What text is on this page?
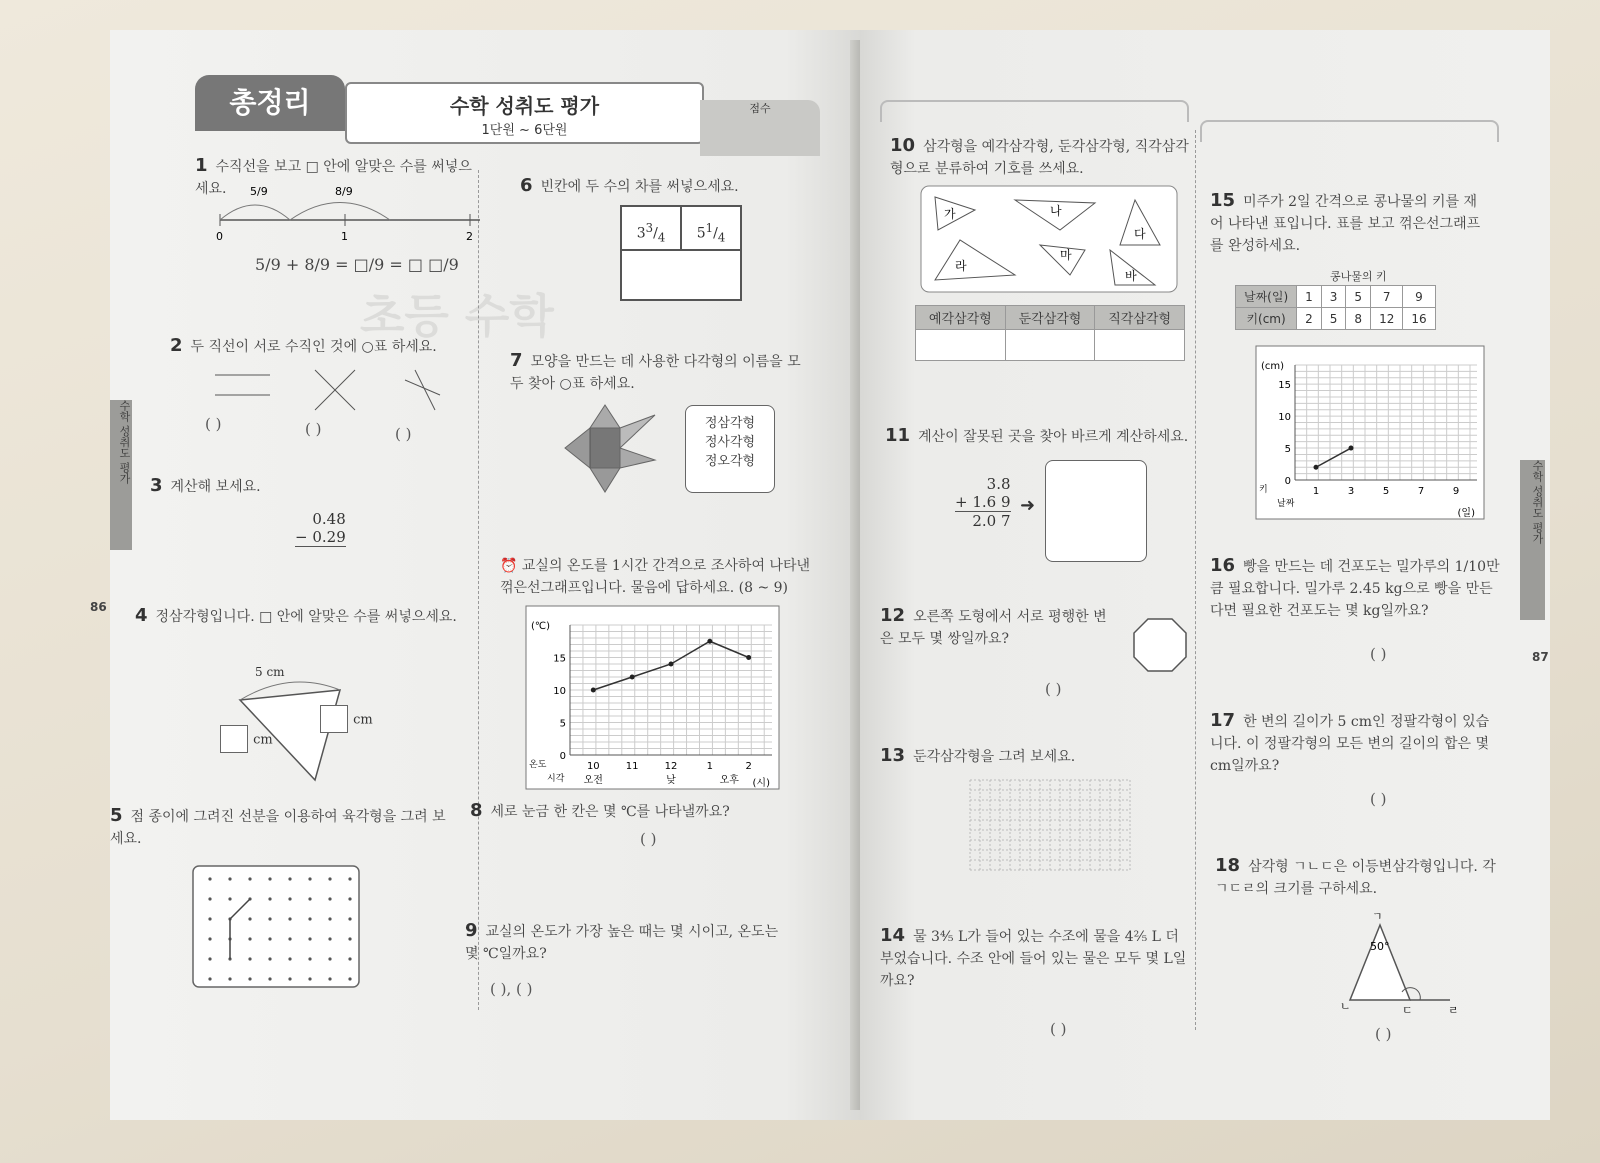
총정리	수학 성취도 평가
1단원 ~ 6단원
점수
초등 수학
수학 성취도 평가
86
1 수직선을 보고 □ 안에 알맞은 수를 써넣으세요.	5/9	8/9
0	1	2
5/9 + 8/9 = □/9 = □ □/9
2 두 직선이 서로 수직인 것에 ○표 하세요.
( )	( )	( )
3 계산해 보세요.
0.48
− 0.29
4 정삼각형입니다. □ 안에 알맞은 수를 써넣으세요.
5 cm
cm
cm
5 점 종이에 그려진 선분을 이용하여 육각형을 그려 보세요.
6 빈칸에 두 수의 차를 써넣으세요.
$3^3/_4$	$5^1/_4$
7 모양을 만드는 데 사용한 다각형의 이름을 모두 찾아 ○표 하세요.
정삼각형
정사각형
정오각형
⏰ 교실의 온도를 1시간 간격으로 조사하여 나타낸 꺾은선그래프입니다. 물음에 답하세요. (8 ~ 9)
0
5
10
15
10	11	12	1	2
(℃)
온도
시각	(시)
오전	낮	오후
8 세로 눈금 한 칸은 몇 ℃를 나타낼까요?
( )
9 교실의 온도가 가장 높은 때는 몇 시이고, 온도는 몇 ℃일까요?
( ), ( )
수학 성취도 평가
87
10 삼각형을 예각삼각형, 둔각삼각형, 직각삼각형으로 분류하여 기호를 쓰세요.
가	나
다
라
마
바
예각삼각형	둔각삼각형	직각삼각형

11 계산이 잘못된 곳을 찾아 바르게 계산하세요.
3.8
+ 1.6 9
2.0 7
➜
12 오른쪽 도형에서 서로 평행한 변은 모두 몇 쌍일까요?
( )
13 둔각삼각형을 그려 보세요.
14 물 3⁴⁄₅ L가 들어 있는 수조에 물을 4²⁄₅ L 더 부었습니다. 수조 안에 들어 있는 물은 모두 몇 L일까요?
( )
15 미주가 2일 간격으로 콩나물의 키를 재어 나타낸 표입니다. 표를 보고 꺾은선그래프를 완성하세요.
콩나물의 키
날짜(일)	1	3	5	7	9
키(cm)	2	5	8	12	16
0
5
10
15
1	3	5	7	9
(cm)
키
날짜
(일)
16 빵을 만드는 데 건포도는 밀가루의 1/10만큼 필요합니다. 밀가루 2.45 kg으로 빵을 만든다면 필요한 건포도는 몇 kg일까요?
( )
17 한 변의 길이가 5 cm인 정팔각형이 있습니다. 이 정팔각형의 모든 변의 길이의 합은 몇 cm일까요?
( )
18 삼각형 ㄱㄴㄷ은 이등변삼각형입니다. 각 ㄱㄷㄹ의 크기를 구하세요.
ㄱ
ㄴ	ㄷ	ㄹ
50°
( )
